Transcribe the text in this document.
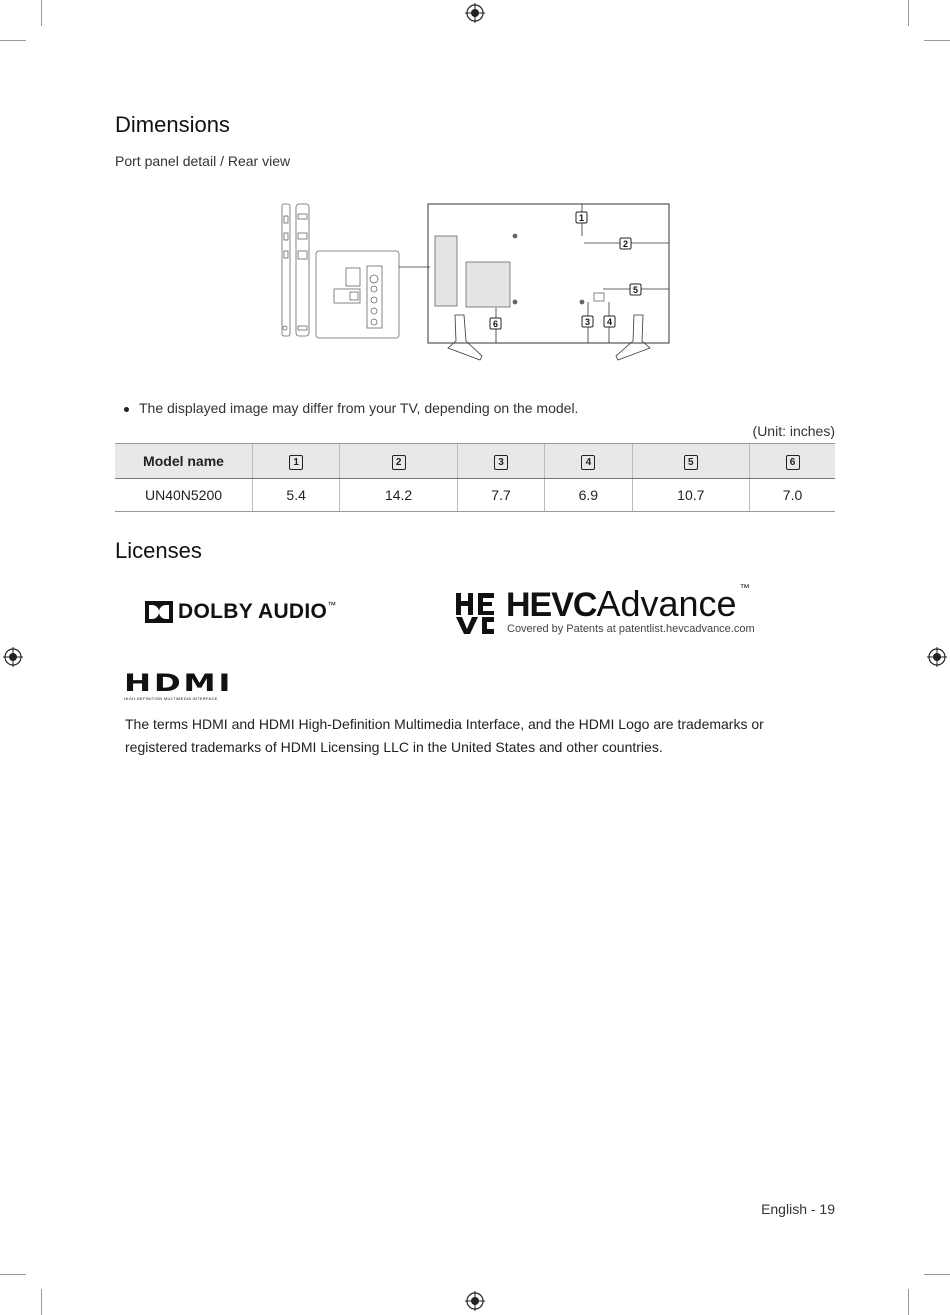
Dimensions
Port panel detail / Rear view
1
2
3 4
5
6
The displayed image may differ from your TV, depending on the model.
(Unit: inches)
Model name	1	2	3	4	5	6
UN40N5200	5.4	14.2	7.7	6.9	10.7	7.0
Licenses
DOLBY AUDIO™	HEVCAdvance ™
Covered by Patents at patentlist.hevcadvance.com
HDMI
HIGH-DEFINITION MULTIMEDIA INTERFACE
The terms HDMI and HDMI High-Definition Multimedia Interface, and the HDMI Logo are trademarks or registered trademarks of HDMI Licensing LLC in the United States and other countries.
English - 19
